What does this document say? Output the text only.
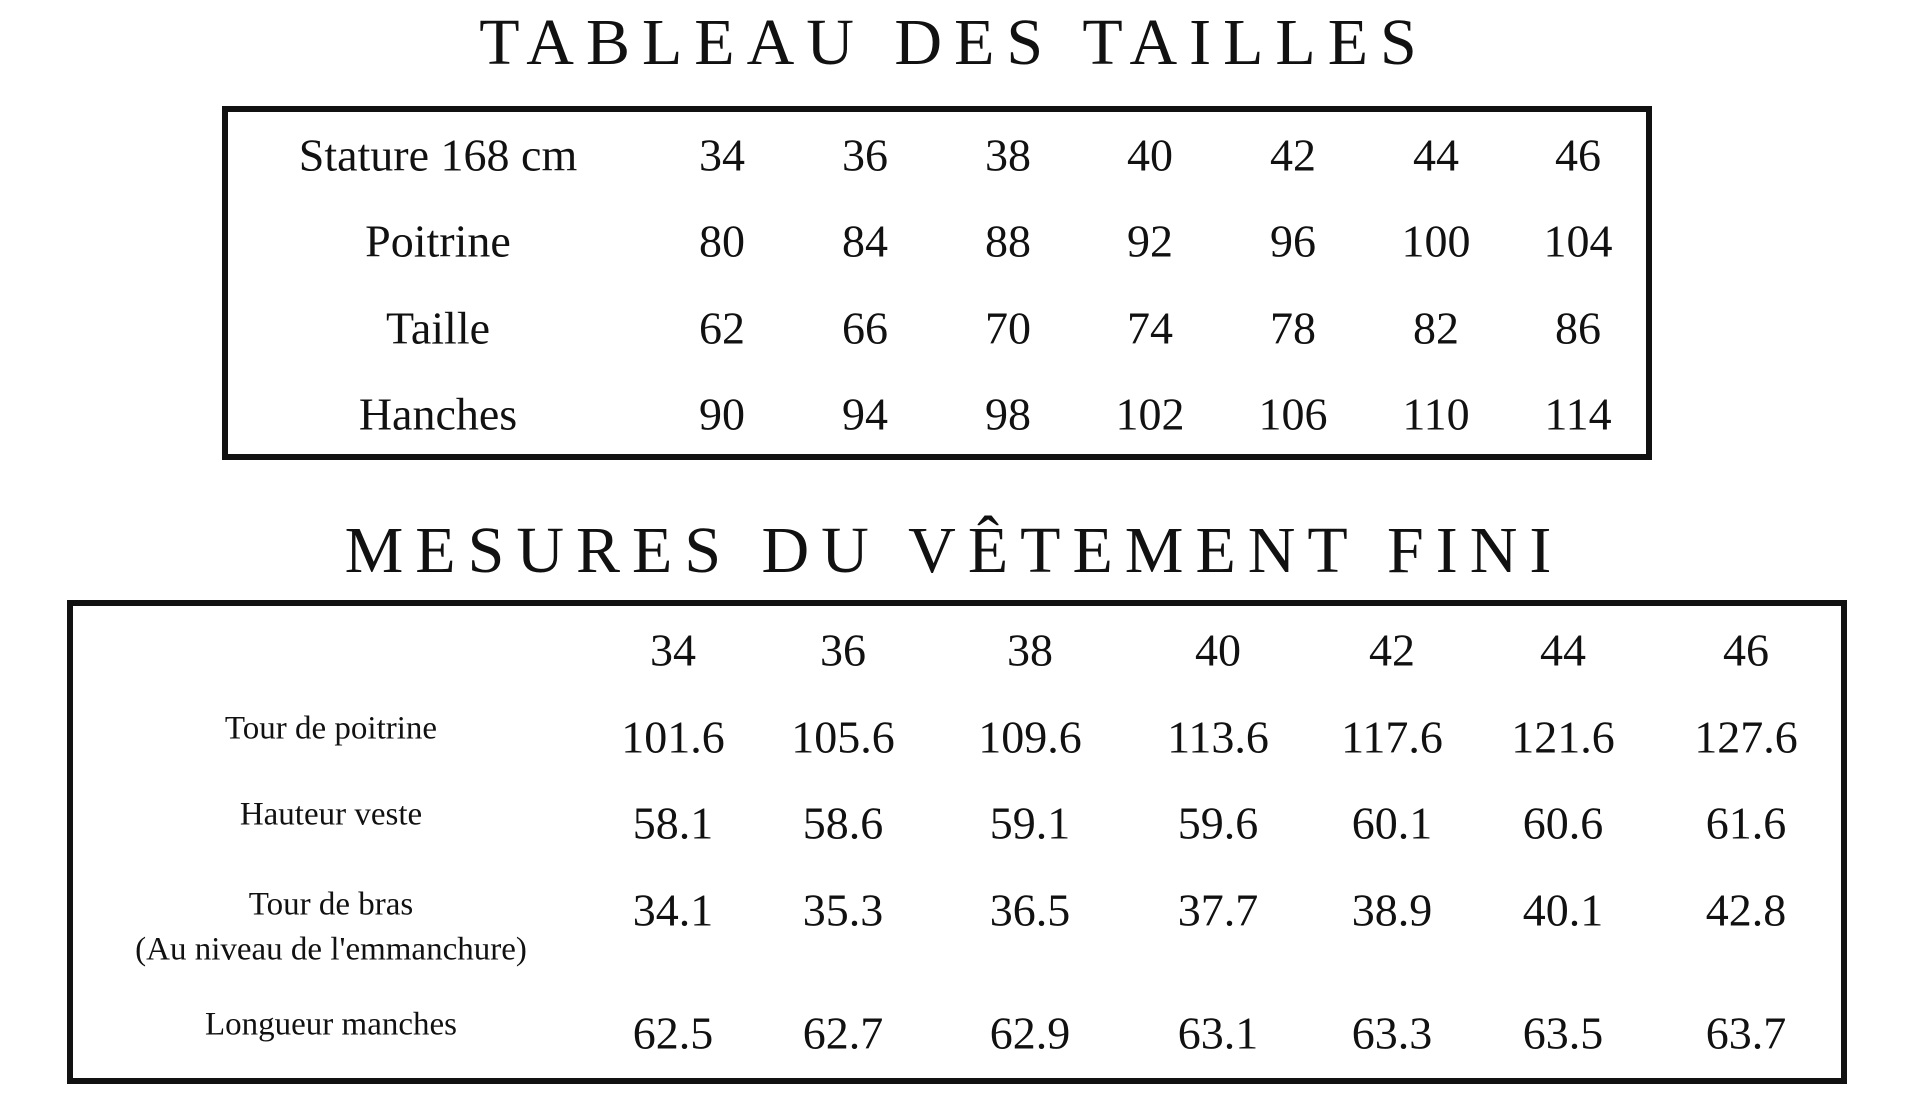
TABLEAU DES TAILLES
MESURES DU VÊTEMENT FINI
Stature 168 cm	34 36 38 40 42 44 46
Poitrine	80 84 88 92 96 100 104
Taille	62 66 70 74 78 82 86
Hanches	90 94 98 102 106 110 114
34	36	38	40	42	44	46
Tour de poitrine	101.6 105.6 109.6 113.6 117.6 121.6 127.6
Hauteur veste	58.1 58.6 59.1 59.6 60.1 60.6 61.6
Tour de bras
(Au niveau de l'emmanchure)
34.1 35.3 36.5 37.7 38.9 40.1 42.8
Longueur manches	62.5 62.7 62.9 63.1 63.3 63.5 63.7
